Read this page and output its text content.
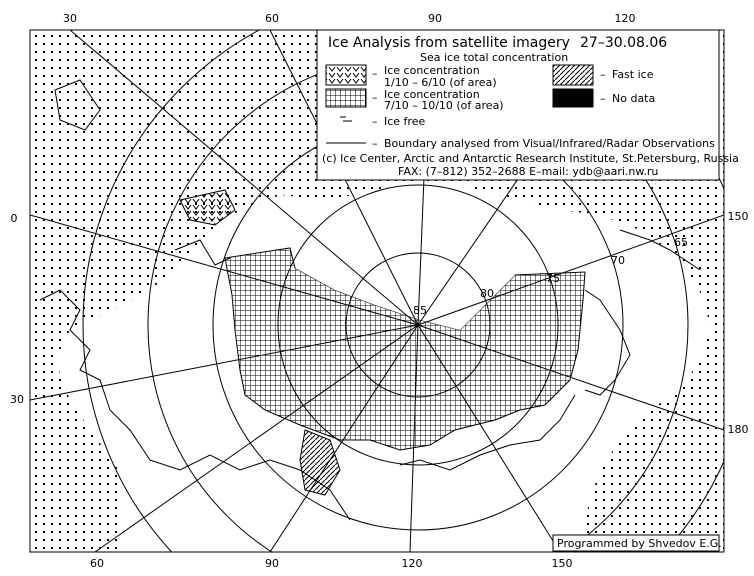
30	60	90	120
60	90	120	150
0
30
150
180
85
80
75
70
65
Ice Analysis from satellite imagery 27–30.08.06
Sea ice total concentration
– Ice concentration
1/10 – 6/10 (of area)
– Ice concentration
7/10 – 10/10 (of area)
– Ice free
– Fast ice
– No data
– Boundary analysed from Visual/Infrared/Radar Observations
(c) Ice Center, Arctic and Antarctic Research Institute, St.Petersburg, Russia
FAX: (7–812) 352–2688 E–mail: ydb@aari.nw.ru
Programmed by Shvedov E.G.
